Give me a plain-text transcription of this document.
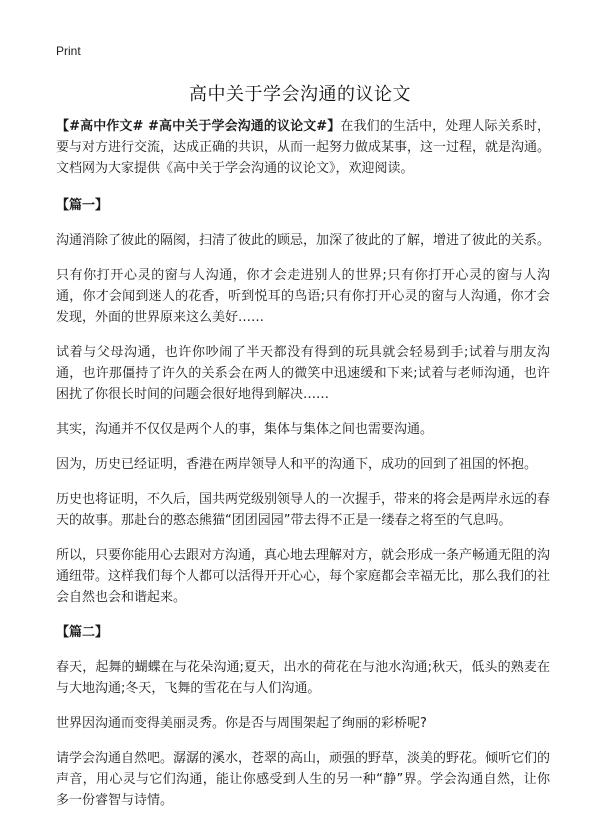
Print
高中关于学会沟通的议论文

【#高中作文# #高中关于学会沟通的议论文#】在我们的生活中，处理人际关系时，要与对方进行交流，达成正确的共识，从而一起努力做成某事，这一过程，就是沟通。文档网为大家提供《高中关于学会沟通的议论文》，欢迎阅读。

【篇一】

沟通消除了彼此的隔阂，扫清了彼此的顾忌，加深了彼此的了解，增进了彼此的关系。

只有你打开心灵的窗与人沟通，你才会走进别人的世界;只有你打开心灵的窗与人沟通，你才会闻到迷人的花香，听到悦耳的鸟语;只有你打开心灵的窗与人沟通，你才会发现，外面的世界原来这么美好……

试着与父母沟通，也许你吵闹了半天都没有得到的玩具就会轻易到手;试着与朋友沟通，也许那僵持了许久的关系会在两人的微笑中迅速缓和下来;试着与老师沟通，也许困扰了你很长时间的问题会很好地得到解决……

其实，沟通并不仅仅是两个人的事，集体与集体之间也需要沟通。

因为，历史已经证明，香港在两岸领导人和平的沟通下，成功的回到了祖国的怀抱。

历史也将证明，不久后，国共两党级别领导人的一次握手，带来的将会是两岸永远的春天的故事。那赴台的憨态熊猫“团团园园”带去得不正是一缕春之将至的气息吗。

所以，只要你能用心去跟对方沟通，真心地去理解对方，就会形成一条产畅通无阻的沟通纽带。这样我们每个人都可以活得开开心心，每个家庭都会幸福无比，那么我们的社会自然也会和谐起来。

【篇二】

春天，起舞的蝴蝶在与花朵沟通;夏天，出水的荷花在与池水沟通;秋天，低头的熟麦在与大地沟通;冬天，飞舞的雪花在与人们沟通。

世界因沟通而变得美丽灵秀。你是否与周围架起了绚丽的彩桥呢?

请学会沟通自然吧。潺潺的溪水，苍翠的高山，顽强的野草，淡美的野花。倾听它们的声音，用心灵与它们沟通，能让你感受到人生的另一种“静”界。学会沟通自然，让你多一份睿智与诗情。
